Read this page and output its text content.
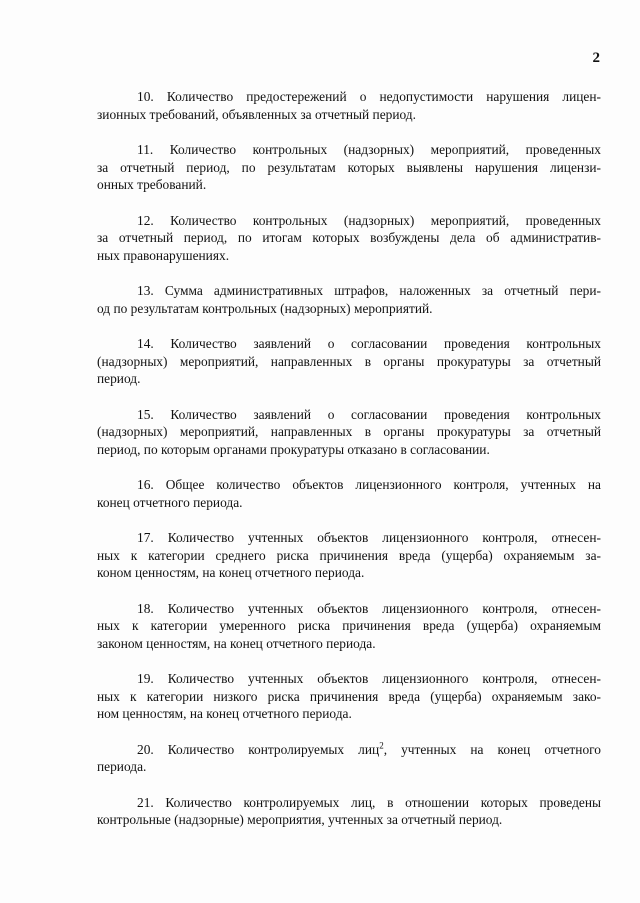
2

10. Количество предостережений о недопустимости нарушения лицен-
зионных требований, объявленных за отчетный период.

11. Количество контрольных (надзорных) мероприятий, проведенных
за отчетный период, по результатам которых выявлены нарушения лицензи-
онных требований.

12. Количество контрольных (надзорных) мероприятий, проведенных
за отчетный период, по итогам которых возбуждены дела об административ-
ных правонарушениях.

13. Сумма административных штрафов, наложенных за отчетный пери-
од по результатам контрольных (надзорных) мероприятий.

14. Количество заявлений о согласовании проведения контрольных
(надзорных) мероприятий, направленных в органы прокуратуры за отчетный
период.

15. Количество заявлений о согласовании проведения контрольных
(надзорных) мероприятий, направленных в органы прокуратуры за отчетный
период, по которым органами прокуратуры отказано в согласовании.

16. Общее количество объектов лицензионного контроля, учтенных на
конец отчетного периода.

17. Количество учтенных объектов лицензионного контроля, отнесен-
ных к категории среднего риска причинения вреда (ущерба) охраняемым за-
коном ценностям, на конец отчетного периода.

18. Количество учтенных объектов лицензионного контроля, отнесен-
ных к категории умеренного риска причинения вреда (ущерба) охраняемым
законом ценностям, на конец отчетного периода.

19. Количество учтенных объектов лицензионного контроля, отнесен-
ных к категории низкого риска причинения вреда (ущерба) охраняемым зако-
ном ценностям, на конец отчетного периода.

20. Количество контролируемых лиц$^2$, учтенных на конец отчетного
периода.

21. Количество контролируемых лиц, в отношении которых проведены
контрольные (надзорные) мероприятия, учтенных за отчетный период.
